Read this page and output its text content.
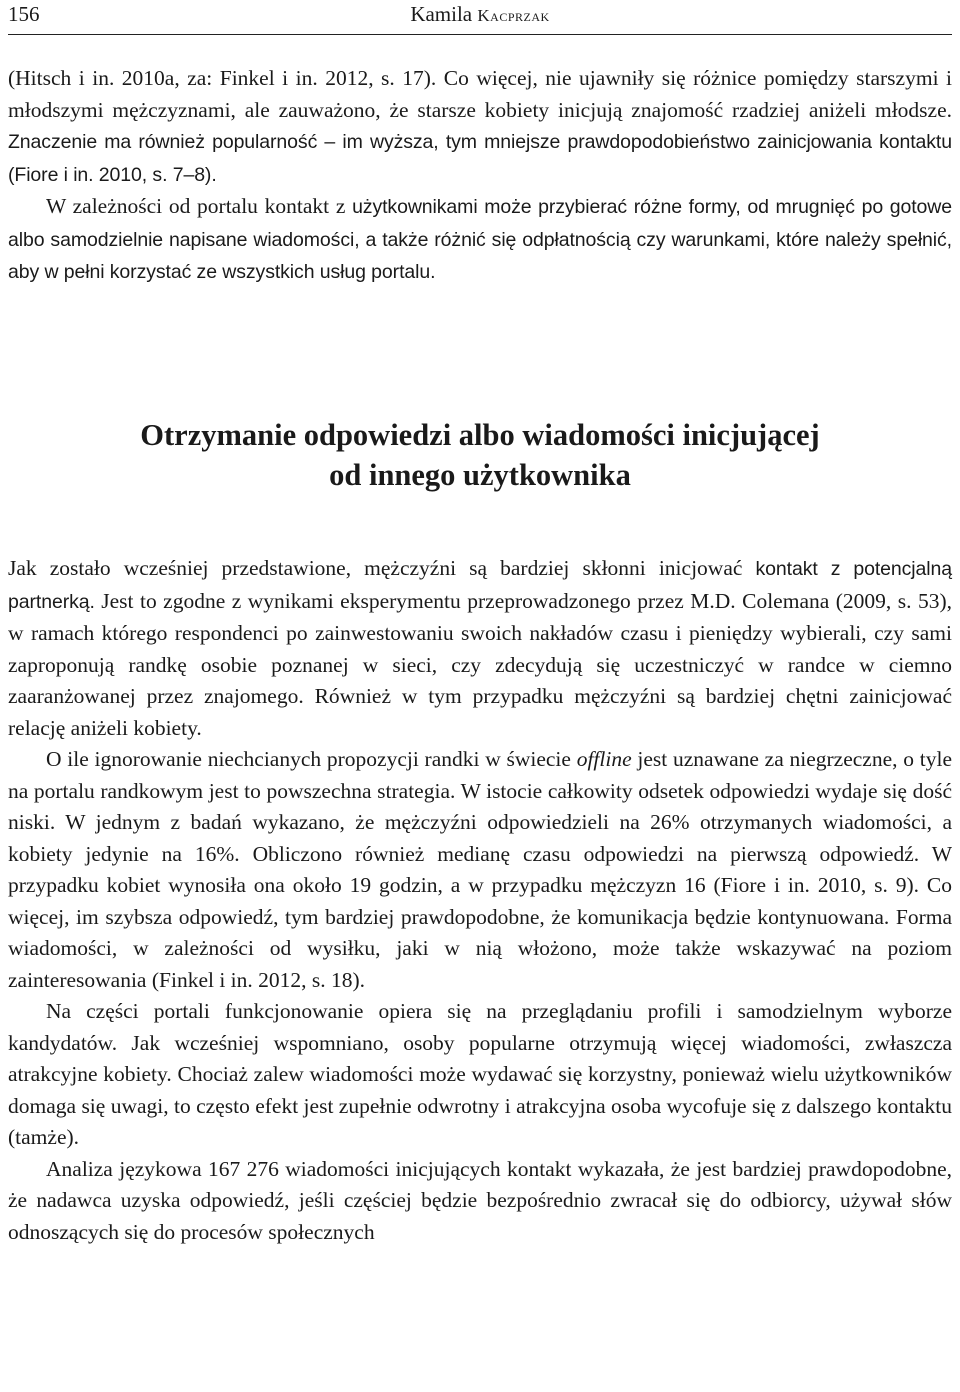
156	Kamila Kacprzak

(Hitsch i in. 2010a, za: Finkel i in. 2012, s. 17). Co więcej, nie ujawniły się różnice pomiędzy starszymi i młodszymi mężczyznami, ale zauważono, że starsze kobiety inicjują znajomość rzadziej aniżeli młodsze. Znaczenie ma również popularność – im wyższa, tym mniejsze prawdopodobieństwo zainicjowania kontaktu (Fiore i in. 2010, s. 7–8).

W zależności od portalu kontakt z użytkownikami może przybierać różne formy, od mrugnięć po gotowe albo samodzielnie napisane wiadomości, a także różnić się odpłatnością czy warunkami, które należy spełnić, aby w pełni korzystać ze wszystkich usług portalu.

Otrzymanie odpowiedzi albo wiadomości inicjującej
od innego użytkownika

Jak zostało wcześniej przedstawione, mężczyźni są bardziej skłonni inicjować kontakt z potencjalną partnerką. Jest to zgodne z wynikami eksperymentu przeprowadzonego przez M.D. Colemana (2009, s. 53), w ramach którego respondenci po zainwestowaniu swoich nakładów czasu i pieniędzy wybierali, czy sami zaproponują randkę osobie poznanej w sieci, czy zdecydują się uczestniczyć w randce w ciemno zaaranżowanej przez znajomego. Również w tym przypadku mężczyźni są bardziej chętni zainicjować relację aniżeli kobiety.

O ile ignorowanie niechcianych propozycji randki w świecie offline jest uznawane za niegrzeczne, o tyle na portalu randkowym jest to powszechna strategia. W istocie całkowity odsetek odpowiedzi wydaje się dość niski. W jednym z badań wykazano, że mężczyźni odpowiedzieli na 26% otrzymanych wiadomości, a kobiety jedynie na 16%. Obliczono również medianę czasu odpowiedzi na pierwszą odpowiedź. W przypadku kobiet wynosiła ona około 19 godzin, a w przypadku mężczyzn 16 (Fiore i in. 2010, s. 9). Co więcej, im szybsza odpowiedź, tym bardziej prawdopodobne, że komunikacja będzie kontynuowana. Forma wiadomości, w zależności od wysiłku, jaki w nią włożono, może także wskazywać na poziom zainteresowania (Finkel i in. 2012, s. 18).

Na części portali funkcjonowanie opiera się na przeglądaniu profili i samodzielnym wyborze kandydatów. Jak wcześniej wspomniano, osoby popularne otrzymują więcej wiadomości, zwłaszcza atrakcyjne kobiety. Chociaż zalew wiadomości może wydawać się korzystny, ponieważ wielu użytkowników domaga się uwagi, to często efekt jest zupełnie odwrotny i atrakcyjna osoba wycofuje się z dalszego kontaktu (tamże).

Analiza językowa 167 276 wiadomości inicjujących kontakt wykazała, że jest bardziej prawdopodobne, że nadawca uzyska odpowiedź, jeśli częściej będzie bezpośrednio zwracał się do odbiorcy, używał słów odnoszących się do procesów społecznych
